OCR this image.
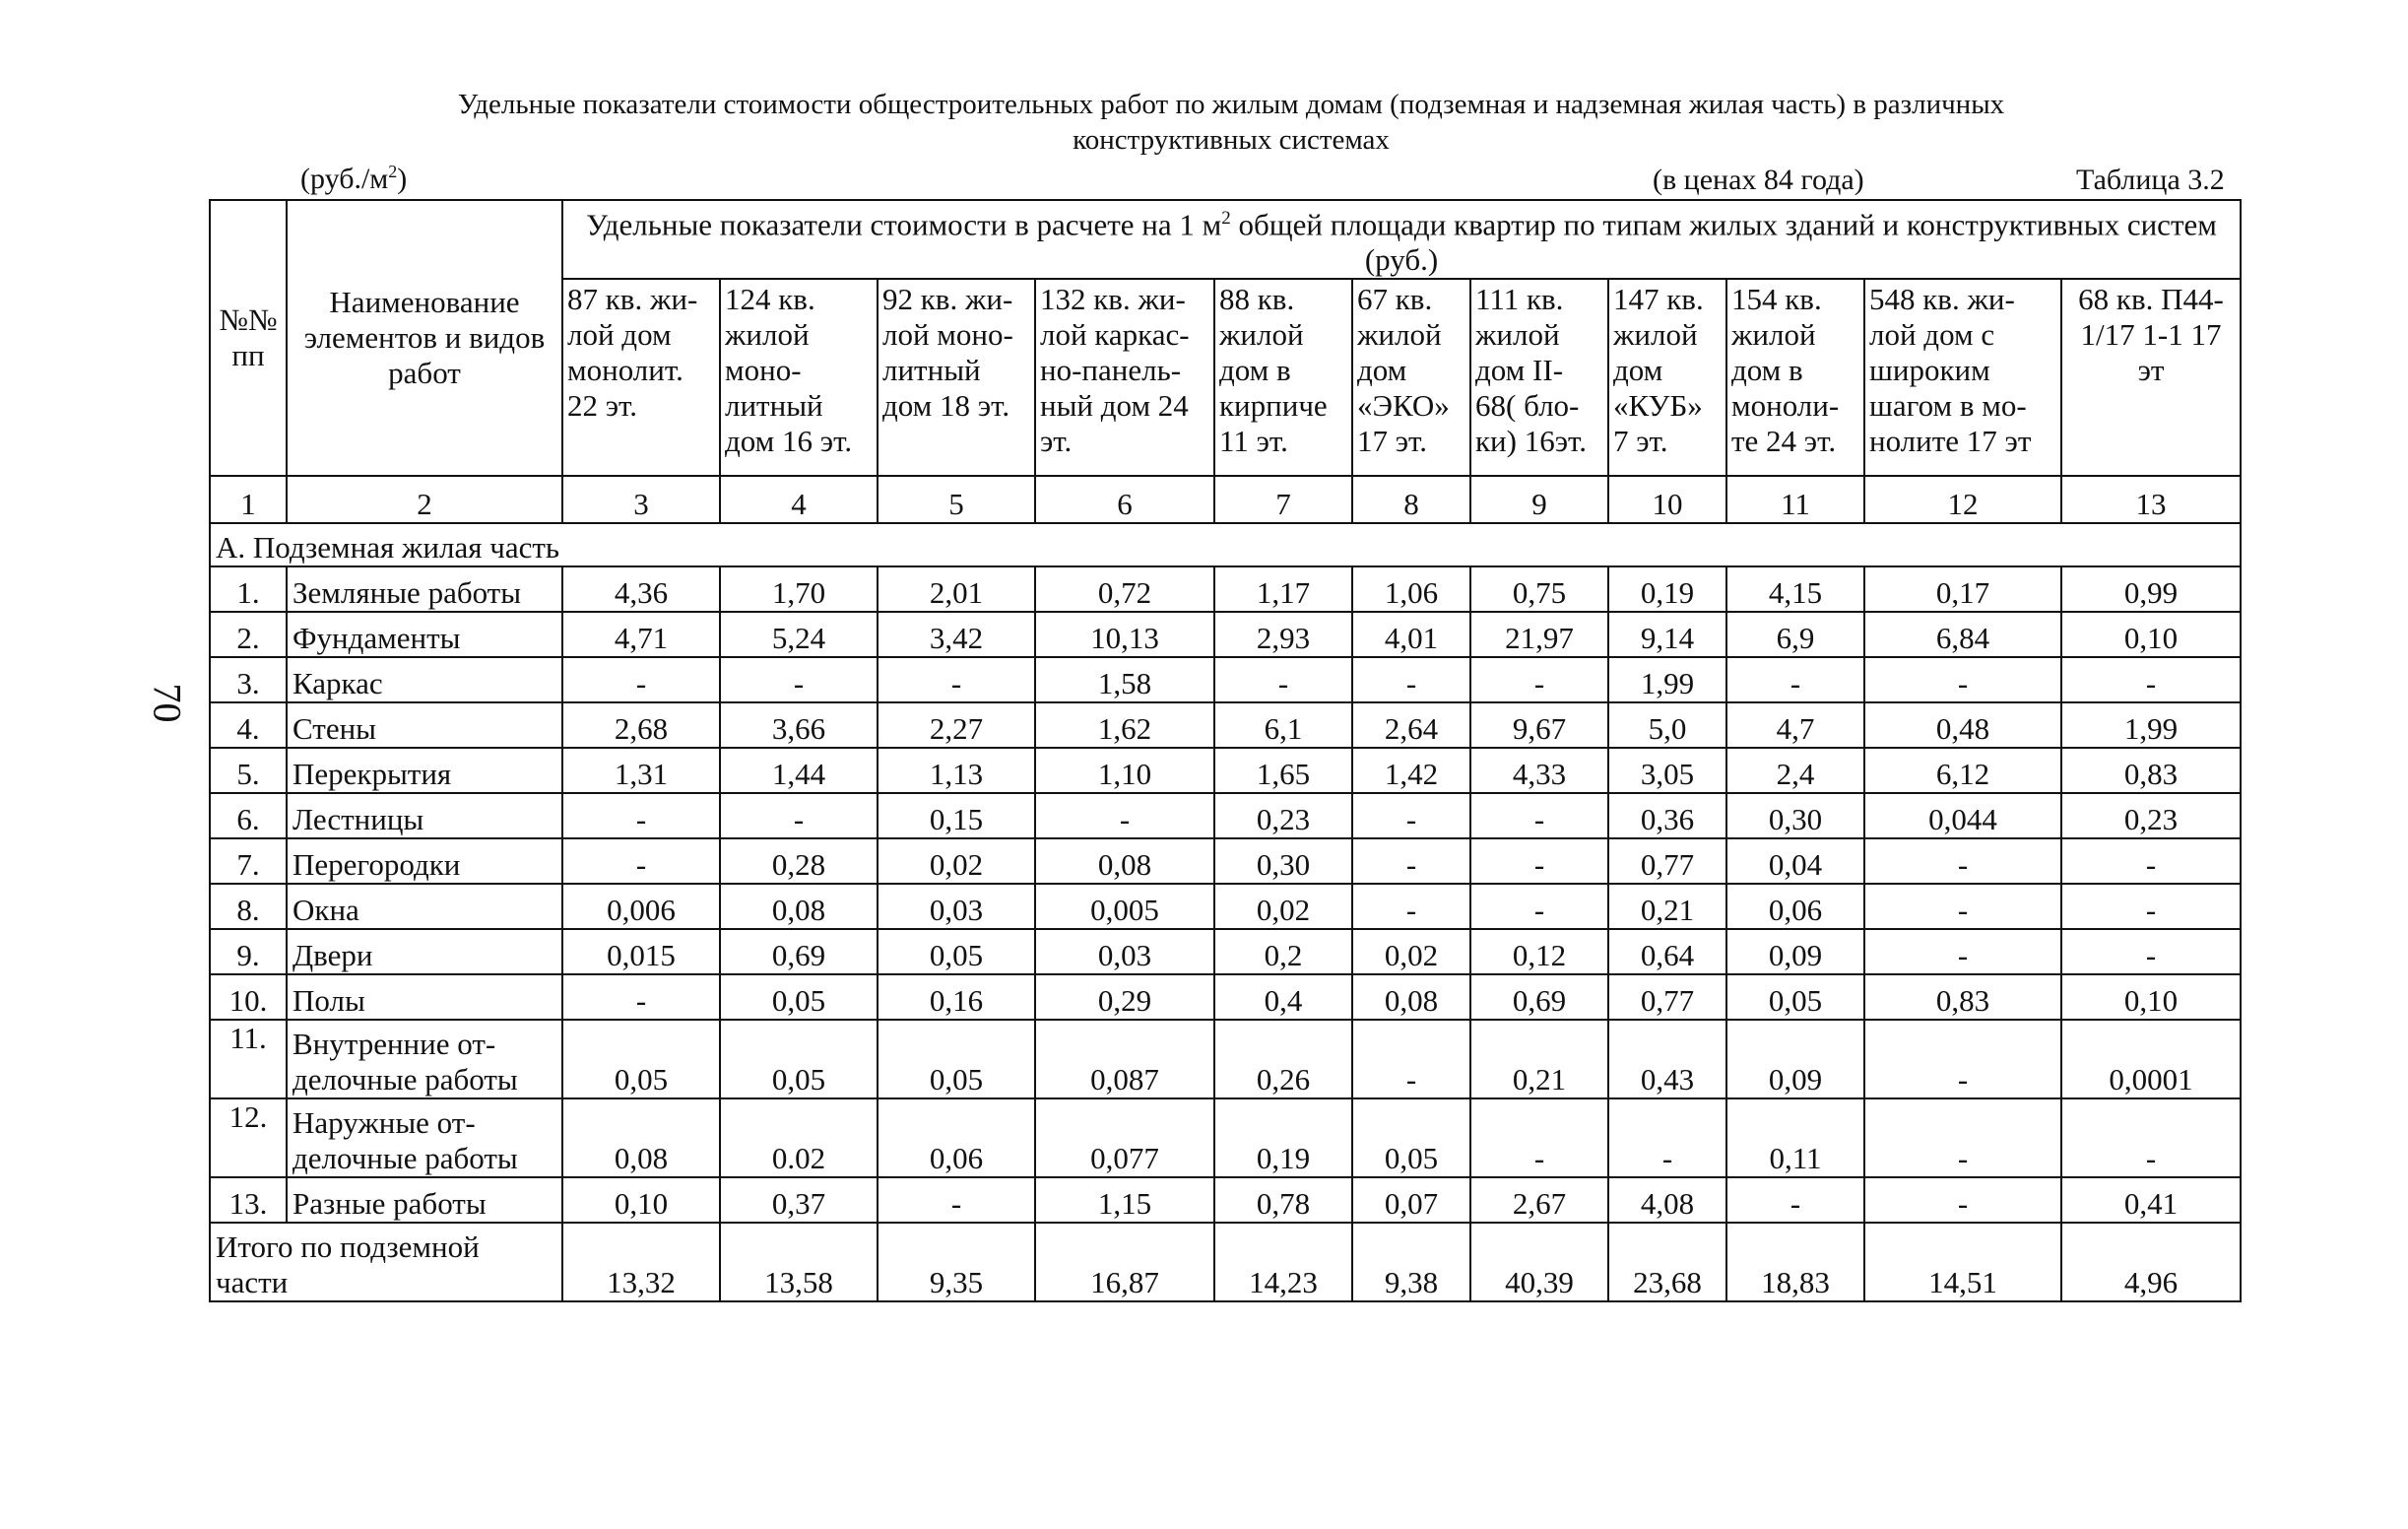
Удельные показатели стоимости общестроительных работ по жилым домам (подземная и надземная жилая часть) в различных
конструктивных системах
$(руб./м^2)$	(в ценах 84 года)	Таблица 3.2
70
№№ пп	Наименование элементов и видов работ	Удельные показатели стоимости в расчете на 1 $м^2$ общей площади квартир по типам жилых зданий и конструктивных систем (руб.)										
		87 кв. жи-лой дом монолит. 22 эт.	124 кв. жилой моно-литный дом 16 эт.	92 кв. жи-лой моно-литный дом 18 эт.	132 кв. жи-лой каркас-но-панель-ный дом 24 эт.	88 кв. жилой дом в кирпиче 11 эт.	67 кв. жилой дом «ЭКО» 17 эт.	111 кв. жилой дом II-68( бло-ки) 16эт.	147 кв. жилой дом «КУБ» 7 эт.	154 кв. жилой дом в моноли-те 24 эт.	548 кв. жи-лой дом с широким шагом в мо-нолите 17 эт	68 кв. П44-1/17 1-1 17 эт
1	2	3	4	5	6	7	8	9	10	11	12	13
А. Подземная жилая часть												
1.	Земляные работы	4,36	1,70	2,01	0,72	1,17	1,06	0,75	0,19	4,15	0,17	0,99
2.	Фундаменты	4,71	5,24	3,42	10,13	2,93	4,01	21,97	9,14	6,9	6,84	0,10
3.	Каркас	-	-	-	1,58	-	-	-	1,99	-	-	-
4.	Стены	2,68	3,66	2,27	1,62	6,1	2,64	9,67	5,0	4,7	0,48	1,99
5.	Перекрытия	1,31	1,44	1,13	1,10	1,65	1,42	4,33	3,05	2,4	6,12	0,83
6.	Лестницы	-	-	0,15	-	0,23	-	-	0,36	0,30	0,044	0,23
7.	Перегородки	-	0,28	0,02	0,08	0,30	-	-	0,77	0,04	-	-
8.	Окна	0,006	0,08	0,03	0,005	0,02	-	-	0,21	0,06	-	-
9.	Двери	0,015	0,69	0,05	0,03	0,2	0,02	0,12	0,64	0,09	-	-
10.	Полы	-	0,05	0,16	0,29	0,4	0,08	0,69	0,77	0,05	0,83	0,10
11.	Внутренние от-делочные работы	0,05	0,05	0,05	0,087	0,26	-	0,21	0,43	0,09	-	0,0001
12.	Наружные от-делочные работы	0,08	0.02	0,06	0,077	0,19	0,05	-	-	0,11	-	-
13.	Разные работы	0,10	0,37	-	1,15	0,78	0,07	2,67	4,08	-	-	0,41
Итого по подземной части		13,32	13,58	9,35	16,87	14,23	9,38	40,39	23,68	18,83	14,51	4,96
